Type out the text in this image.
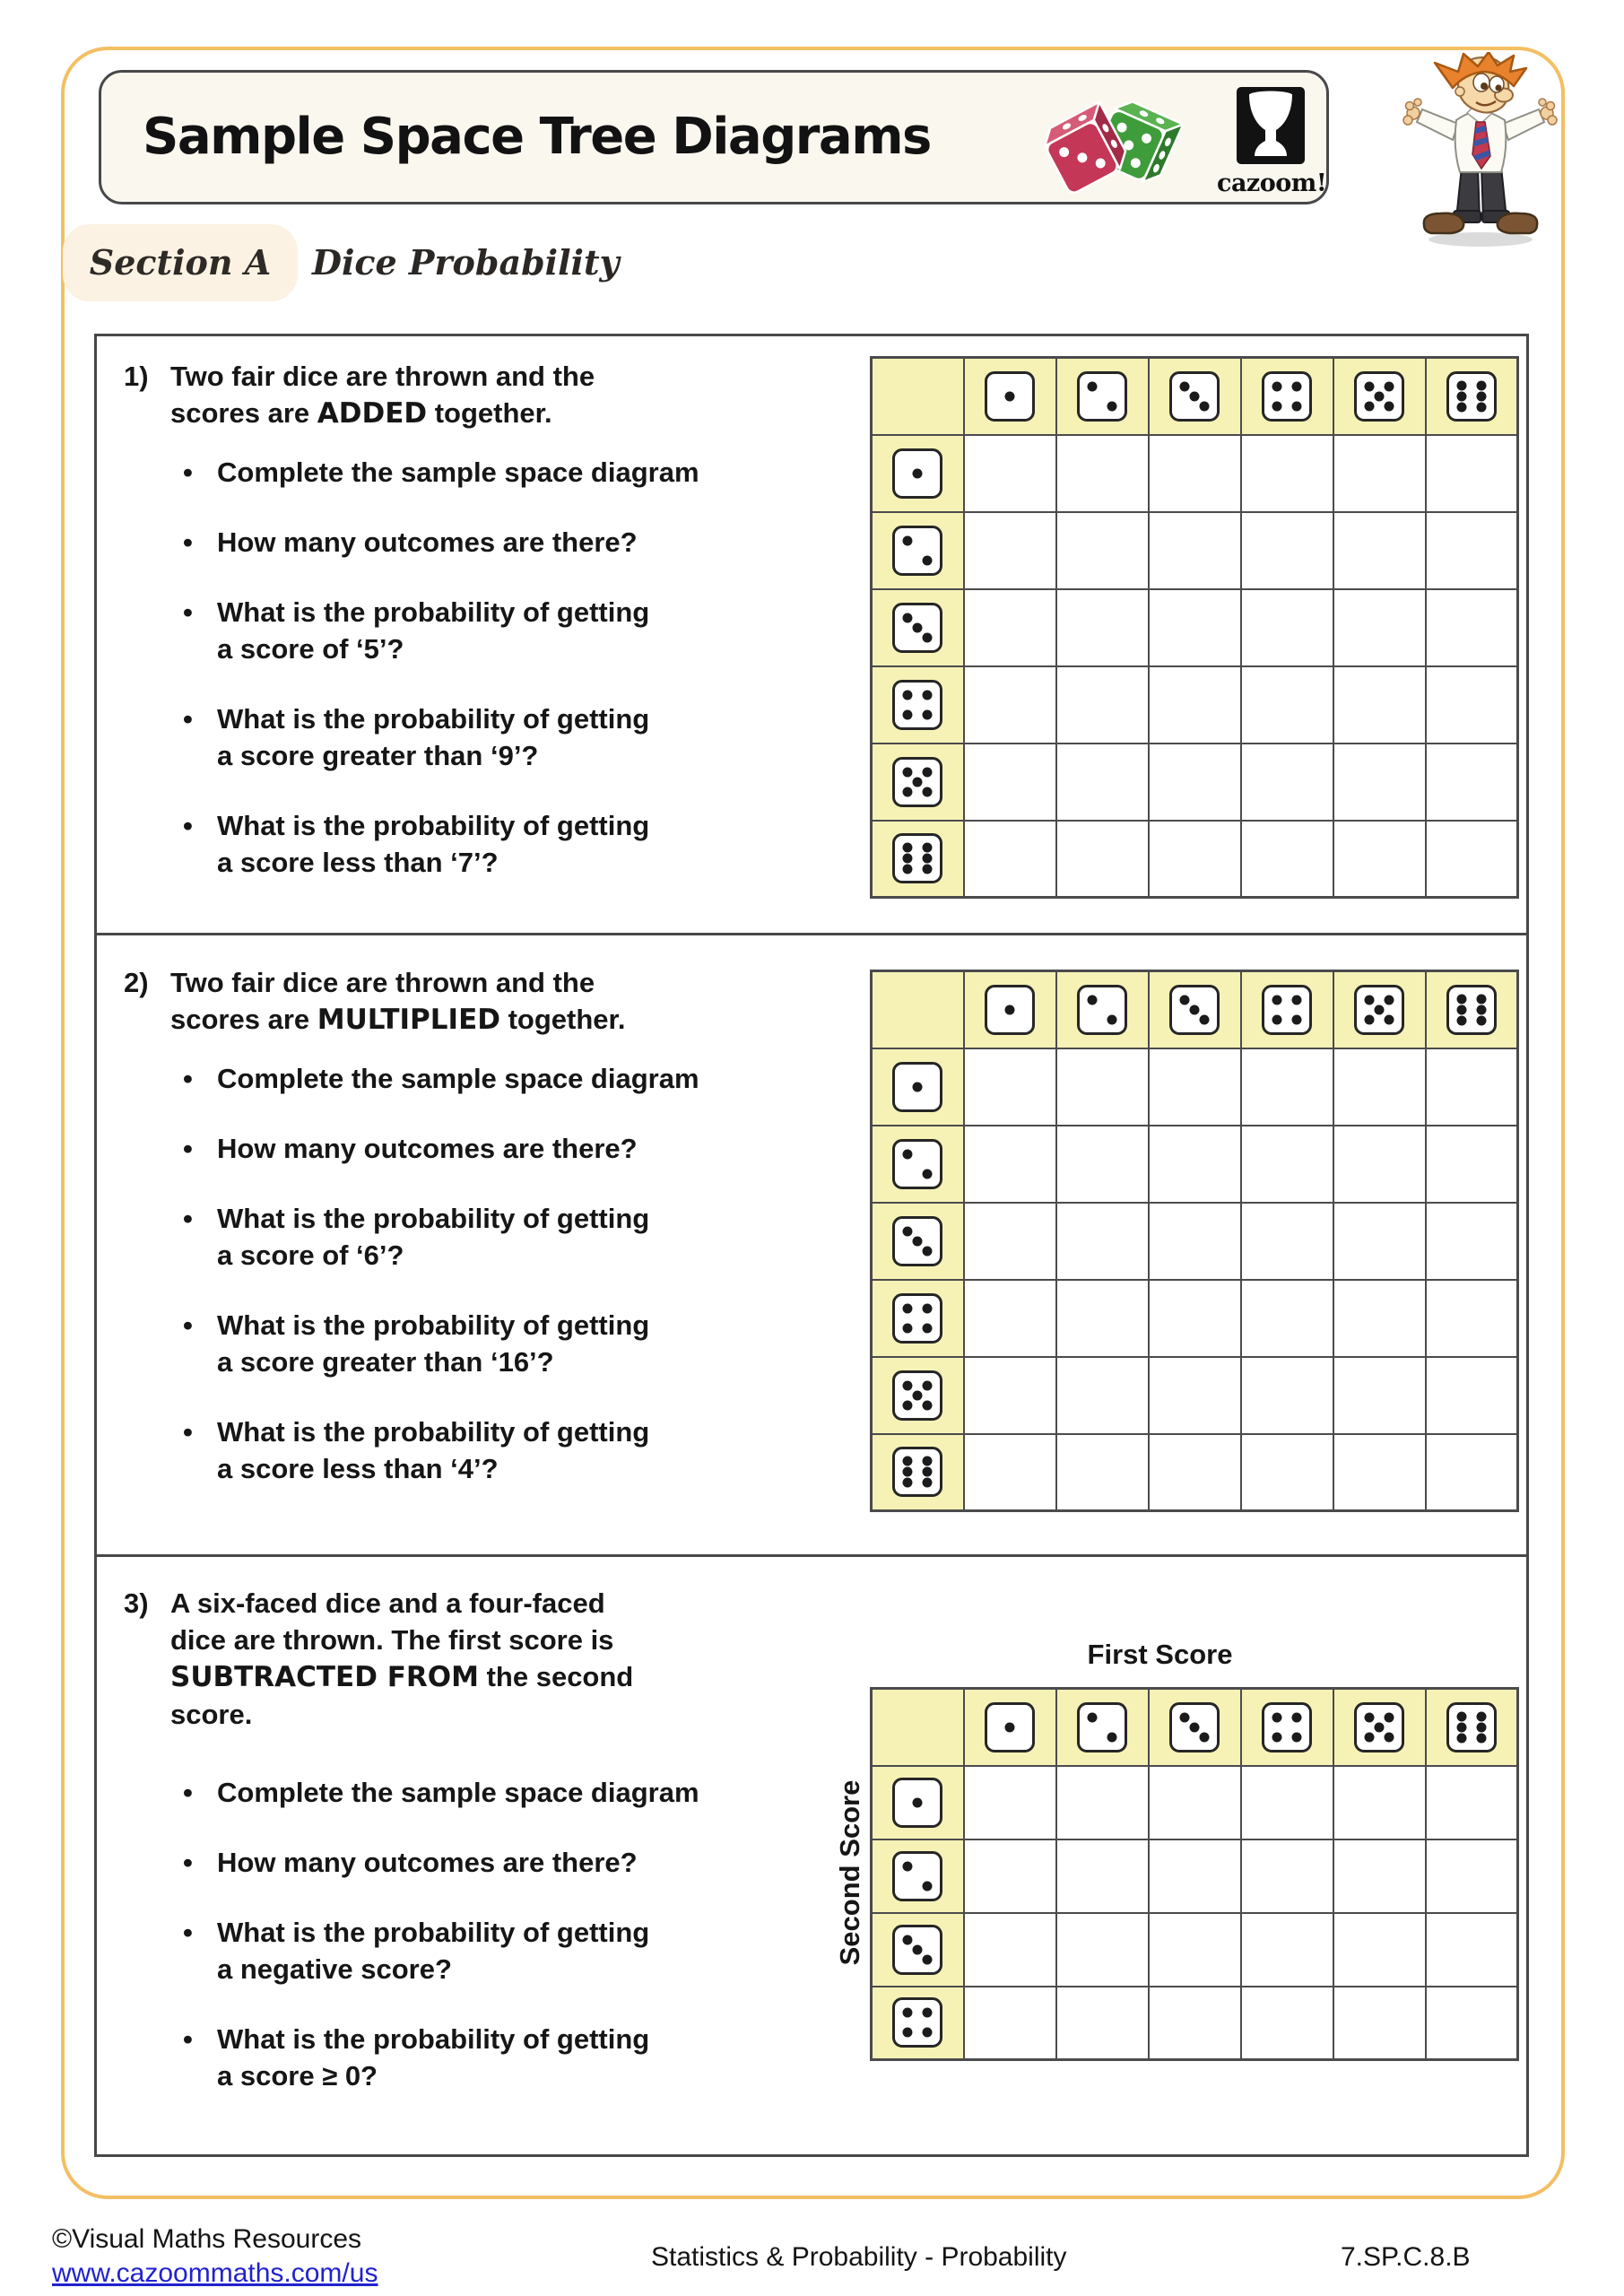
Sample Space Tree Diagrams
cazoom!
Section A	Dice Probability
1) Two fair dice are thrown and the
scores are ADDED together.
• Complete the sample space diagram
• How many outcomes are there?
• What is the probability of getting
a score of ‘5’?
• What is the probability of getting
a score greater than ‘9’?
• What is the probability of getting
a score less than ‘7’?

2) Two fair dice are thrown and the
scores are MULTIPLIED together.
• Complete the sample space diagram
• How many outcomes are there?
• What is the probability of getting
a score of ‘6’?
• What is the probability of getting
a score greater than ‘16’?
• What is the probability of getting
a score less than ‘4’?

3) A six-faced dice and a four-faced
dice are thrown. The first score is
SUBTRACTED FROM the second
score.
• Complete the sample space diagram
• How many outcomes are there?
• What is the probability of getting
a negative score?
• What is the probability of getting
a score ≥ 0?
First Score
Second Score

©Visual Maths Resources
www.cazoommaths.com/us
Statistics & Probability - Probability	7.SP.C.8.B
